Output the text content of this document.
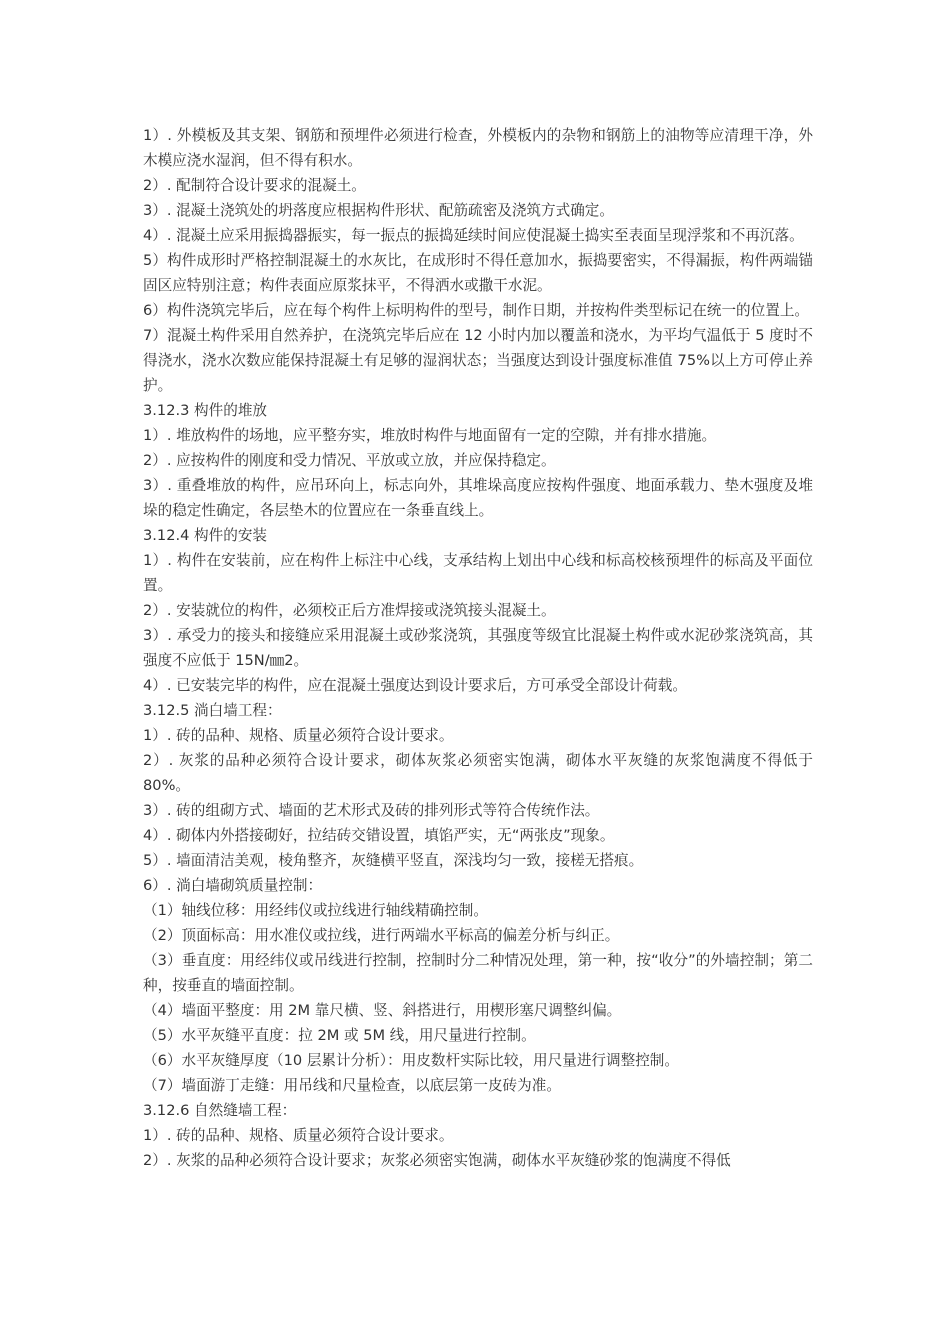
1）. 外模板及其支架、钢筋和预埋件必须进行检查，外模板内的杂物和钢筋上的油物等应清理干净，外木模应浇水湿润，但不得有积水。

2）. 配制符合设计要求的混凝土。

3）. 混凝土浇筑处的坍落度应根据构件形状、配筋疏密及浇筑方式确定。

4）. 混凝土应采用振捣器振实，每一振点的振捣延续时间应使混凝土捣实至表面呈现浮浆和不再沉落。

5）构件成形时严格控制混凝土的水灰比，在成形时不得任意加水，振捣要密实，不得漏振，构件两端锚固区应特别注意；构件表面应原浆抹平，不得洒水或撒干水泥。

6）构件浇筑完毕后，应在每个构件上标明构件的型号，制作日期，并按构件类型标记在统一的位置上。

7）混凝土构件采用自然养护，在浇筑完毕后应在 12 小时内加以覆盖和浇水，为平均气温低于 5 度时不得浇水，浇水次数应能保持混凝土有足够的湿润状态；当强度达到设计强度标准值 75%以上方可停止养护。

3.12.3 构件的堆放

1）. 堆放构件的场地，应平整夯实，堆放时构件与地面留有一定的空隙，并有排水措施。

2）. 应按构件的刚度和受力情况、平放或立放，并应保持稳定。

3）. 重叠堆放的构件，应吊环向上，标志向外，其堆垛高度应按构件强度、地面承载力、垫木强度及堆垛的稳定性确定，各层垫木的位置应在一条垂直线上。

3.12.4 构件的安装

1）. 构件在安装前，应在构件上标注中心线，支承结构上划出中心线和标高校核预埋件的标高及平面位置。

2）. 安装就位的构件，必须校正后方准焊接或浇筑接头混凝土。

3）. 承受力的接头和接缝应采用混凝土或砂浆浇筑，其强度等级宜比混凝土构件或水泥砂浆浇筑高，其强度不应低于 15N/㎜2。

4）. 已安装完毕的构件，应在混凝土强度达到设计要求后，方可承受全部设计荷载。

3.12.5 淌白墙工程：

1）. 砖的品种、规格、质量必须符合设计要求。

2）. 灰浆的品种必须符合设计要求，砌体灰浆必须密实饱满，砌体水平灰缝的灰浆饱满度不得低于 80%。

3）. 砖的组砌方式、墙面的艺术形式及砖的排列形式等符合传统作法。

4）. 砌体内外搭接砌好，拉结砖交错设置，填馅严实，无“两张皮”现象。

5）. 墙面清洁美观，棱角整齐，灰缝横平竖直，深浅均匀一致，接槎无搭痕。

6）. 淌白墙砌筑质量控制：

（1）轴线位移：用经纬仪或拉线进行轴线精确控制。

（2）顶面标高：用水准仪或拉线，进行两端水平标高的偏差分析与纠正。

（3）垂直度：用经纬仪或吊线进行控制，控制时分二种情况处理，第一种，按“收分”的外墙控制；第二种，按垂直的墙面控制。

（4）墙面平整度：用 2M 靠尺横、竖、斜搭进行，用楔形塞尺调整纠偏。

（5）水平灰缝平直度：拉 2M 或 5M 线，用尺量进行控制。

（6）水平灰缝厚度（10 层累计分析）：用皮数杆实际比较，用尺量进行调整控制。

（7）墙面游丁走缝：用吊线和尺量检查，以底层第一皮砖为准。

3.12.6 自然缝墙工程：

1）. 砖的品种、规格、质量必须符合设计要求。

2）. 灰浆的品种必须符合设计要求；灰浆必须密实饱满，砌体水平灰缝砂浆的饱满度不得低
